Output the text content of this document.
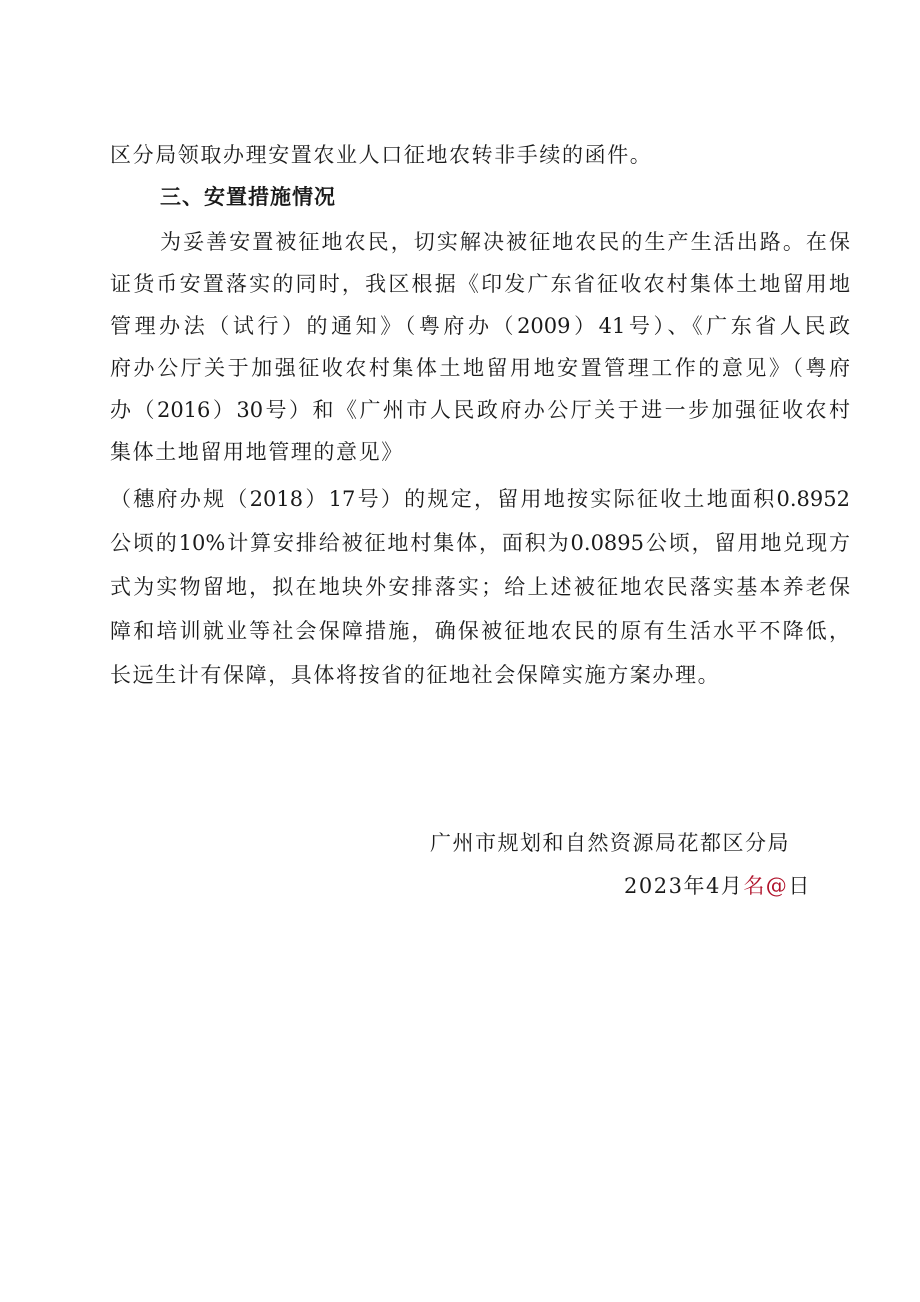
区分局领取办理安置农业人口征地农转非手续的函件。
三、安置措施情况
为妥善安置被征地农民，切实解决被征地农民的生产生活出路。在保
证货币安置落实的同时，我区根据《印发广东省征收农村集体土地留用地
管理办法（试行）的通知》（粤府办（2009）41号）、《广东省人民政
府办公厅关于加强征收农村集体土地留用地安置管理工作的意见》（粤府
办（2016）30号）和《广州市人民政府办公厅关于进一步加强征收农村
集体土地留用地管理的意见》
（穗府办规（2018）17号）的规定，留用地按实际征收土地面积0.8952
公顷的10%计算安排给被征地村集体，面积为0.0895公顷，留用地兑现方
式为实物留地，拟在地块外安排落实；给上述被征地农民落实基本养老保
障和培训就业等社会保障措施，确保被征地农民的原有生活水平不降低，
长远生计有保障，具体将按省的征地社会保障实施方案办理。
广州市规划和自然资源局花都区分局
2023年4月名@日
